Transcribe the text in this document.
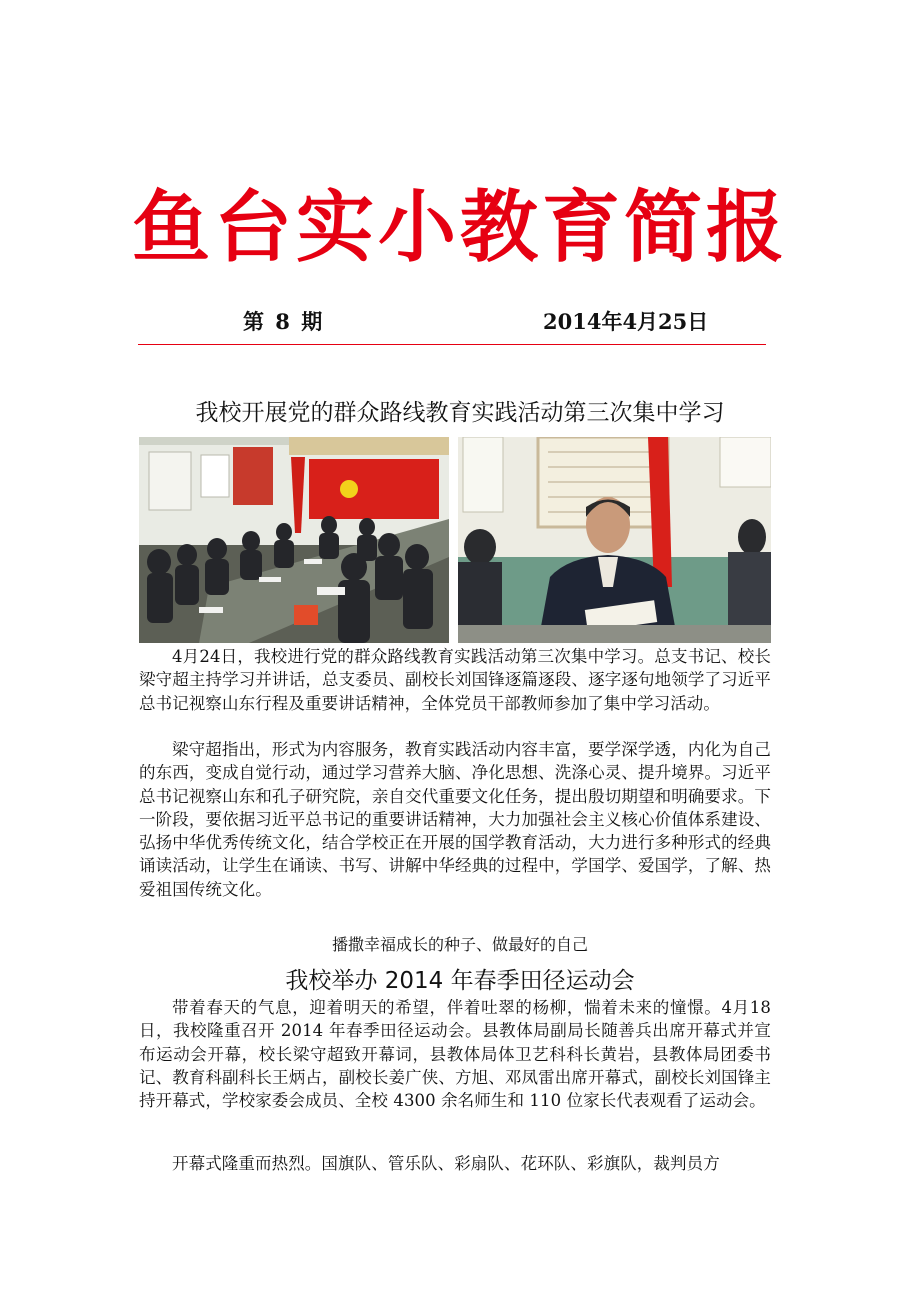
鱼台实小教育简报
第 8 期	2014年4月25日
我校开展党的群众路线教育实践活动第三次集中学习

4月24日，我校进行党的群众路线教育实践活动第三次集中学习。总支书记、校长梁守超主持学习并讲话，总支委员、副校长刘国锋逐篇逐段、逐字逐句地领学了习近平总书记视察山东行程及重要讲话精神，全体党员干部教师参加了集中学习活动。

梁守超指出，形式为内容服务，教育实践活动内容丰富，要学深学透，内化为自己的东西，变成自觉行动，通过学习营养大脑、净化思想、洗涤心灵、提升境界。习近平总书记视察山东和孔子研究院，亲自交代重要文化任务，提出殷切期望和明确要求。下一阶段，要依据习近平总书记的重要讲话精神，大力加强社会主义核心价值体系建设、弘扬中华优秀传统文化，结合学校正在开展的国学教育活动，大力进行多种形式的经典诵读活动，让学生在诵读、书写、讲解中华经典的过程中，学国学、爱国学，了解、热爱祖国传统文化。

播撒幸福成长的种子、做最好的自己
我校举办 2014 年春季田径运动会

带着春天的气息，迎着明天的希望，伴着吐翠的杨柳，惴着未来的憧憬。4月18日，我校隆重召开 2014 年春季田径运动会。县教体局副局长随善兵出席开幕式并宣布运动会开幕，校长梁守超致开幕词，县教体局体卫艺科科长黄岩，县教体局团委书记、教育科副科长王炳占，副校长姜广侠、方旭、邓凤雷出席开幕式，副校长刘国锋主持开幕式，学校家委会成员、全校 4300 余名师生和 110 位家长代表观看了运动会。

开幕式隆重而热烈。国旗队、管乐队、彩扇队、花环队、彩旗队，裁判员方
